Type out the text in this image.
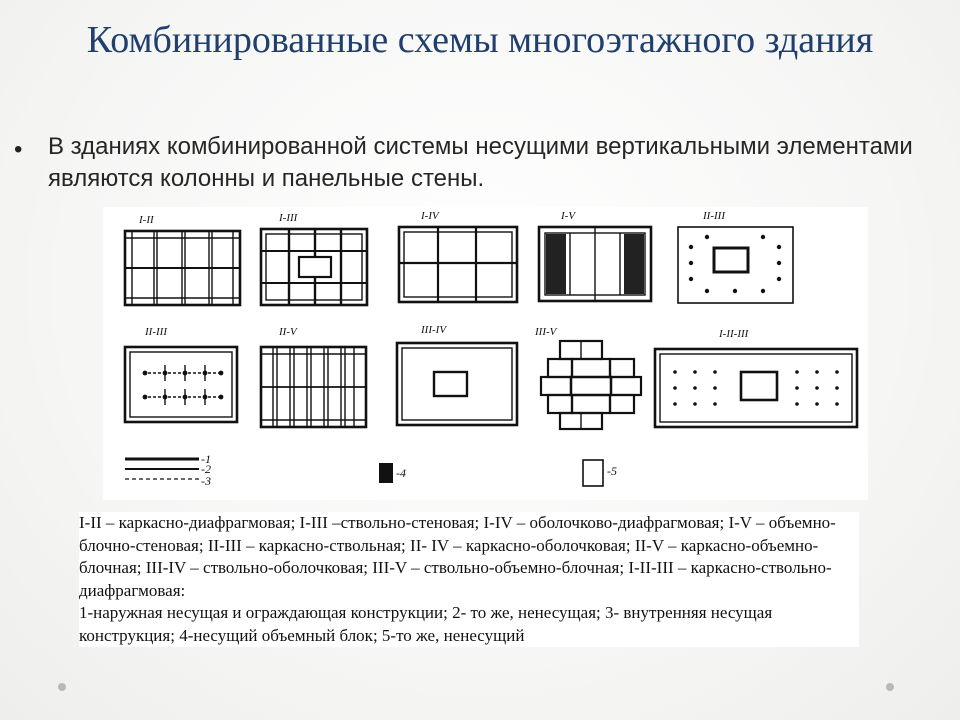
Комбинированные схемы многоэтажного здания
• В зданиях комбинированной системы несущими вертикальными элементами являются колонны и панельные стены.
I-II	I-III	I-IV	I-V	II-III
II-III	II-V	III-IV	III-V	I-II-III
-1
-2
-3
-4	-5

I-II – каркасно-диафрагмовая; I-III –ствольно-стеновая; I-IV – оболочково-диафрагмовая; I-V – объемно-блочно-стеновая; II-III – каркасно-ствольная; II- IV – каркасно-оболочковая; II-V – каркасно-объемно-блочная; III-IV – ствольно-оболочковая; III-V – ствольно-объемно-блочная; I-II-III – каркасно-ствольно-диафрагмовая:

1-наружная несущая и ограждающая конструкции; 2- то же, ненесущая; 3- внутренняя несущая конструкция; 4-несущий объемный блок; 5-то же, ненесущий
